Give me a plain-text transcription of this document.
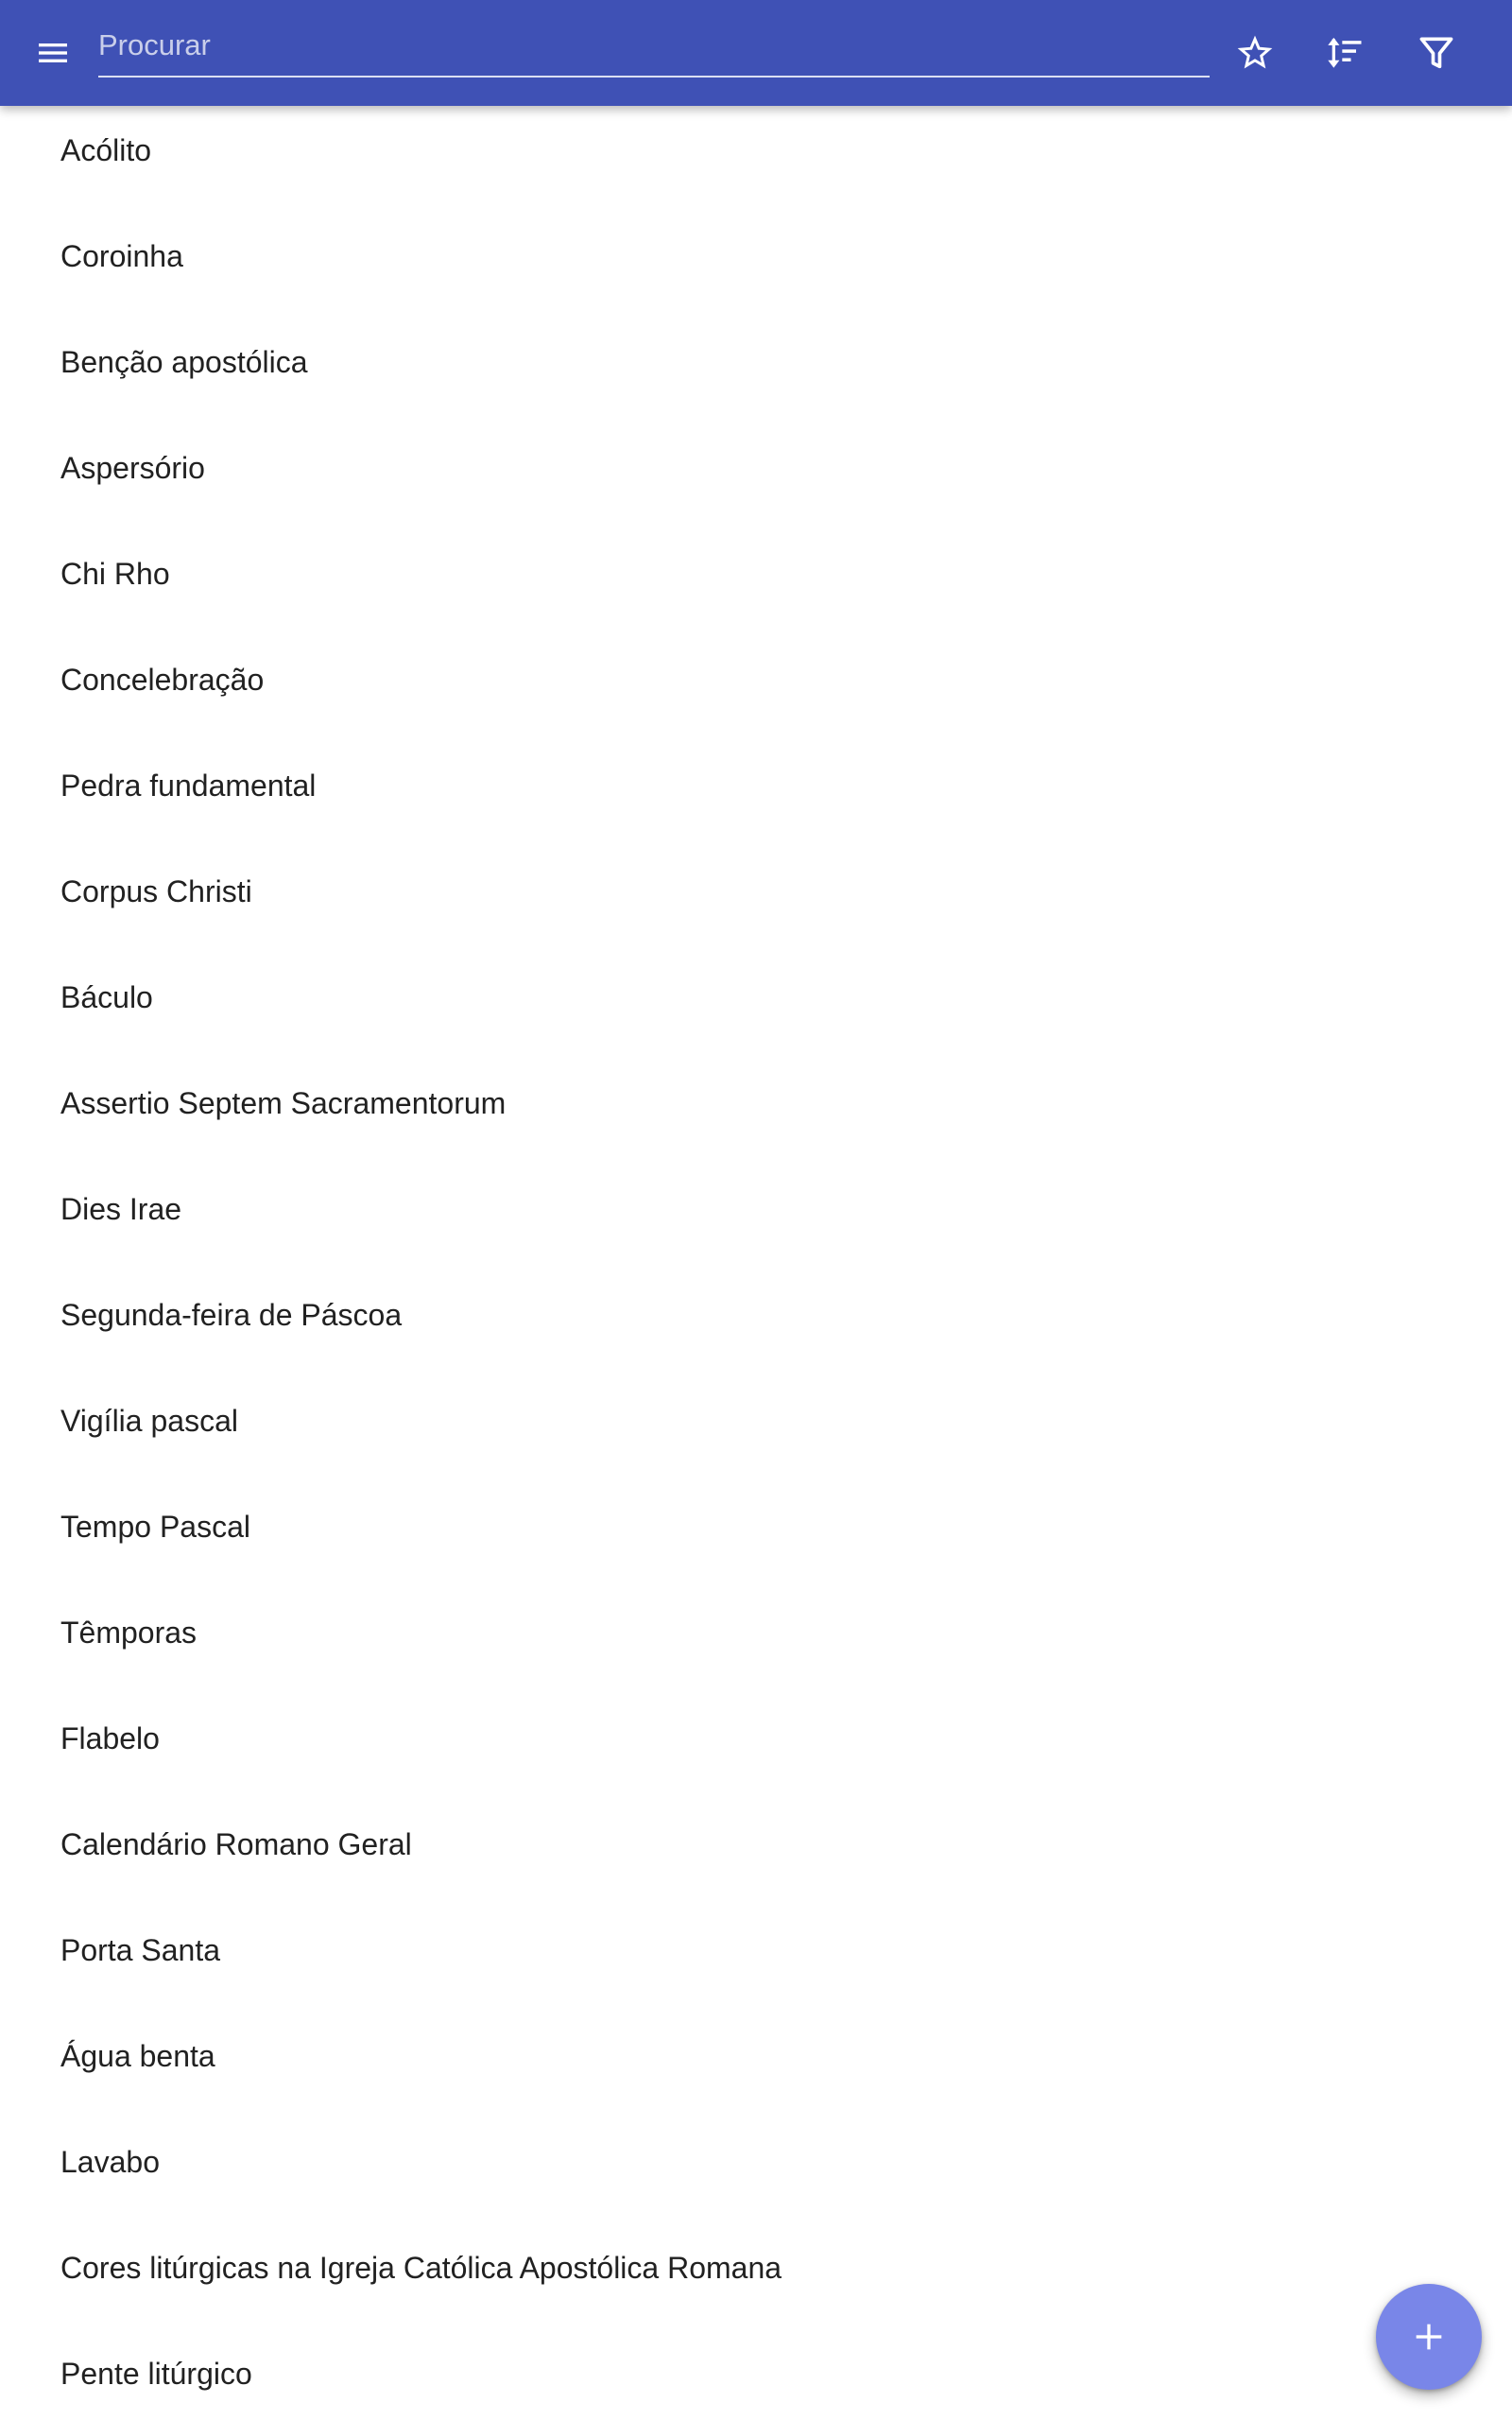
Procurar
Acólito
Coroinha
Benção apostólica
Aspersório
Chi Rho
Concelebração
Pedra fundamental
Corpus Christi
Báculo
Assertio Septem Sacramentorum
Dies Irae
Segunda-feira de Páscoa
Vigília pascal
Tempo Pascal
Têmporas
Flabelo
Calendário Romano Geral
Porta Santa
Água benta
Lavabo
Cores litúrgicas na Igreja Católica Apostólica Romana
Pente litúrgico
